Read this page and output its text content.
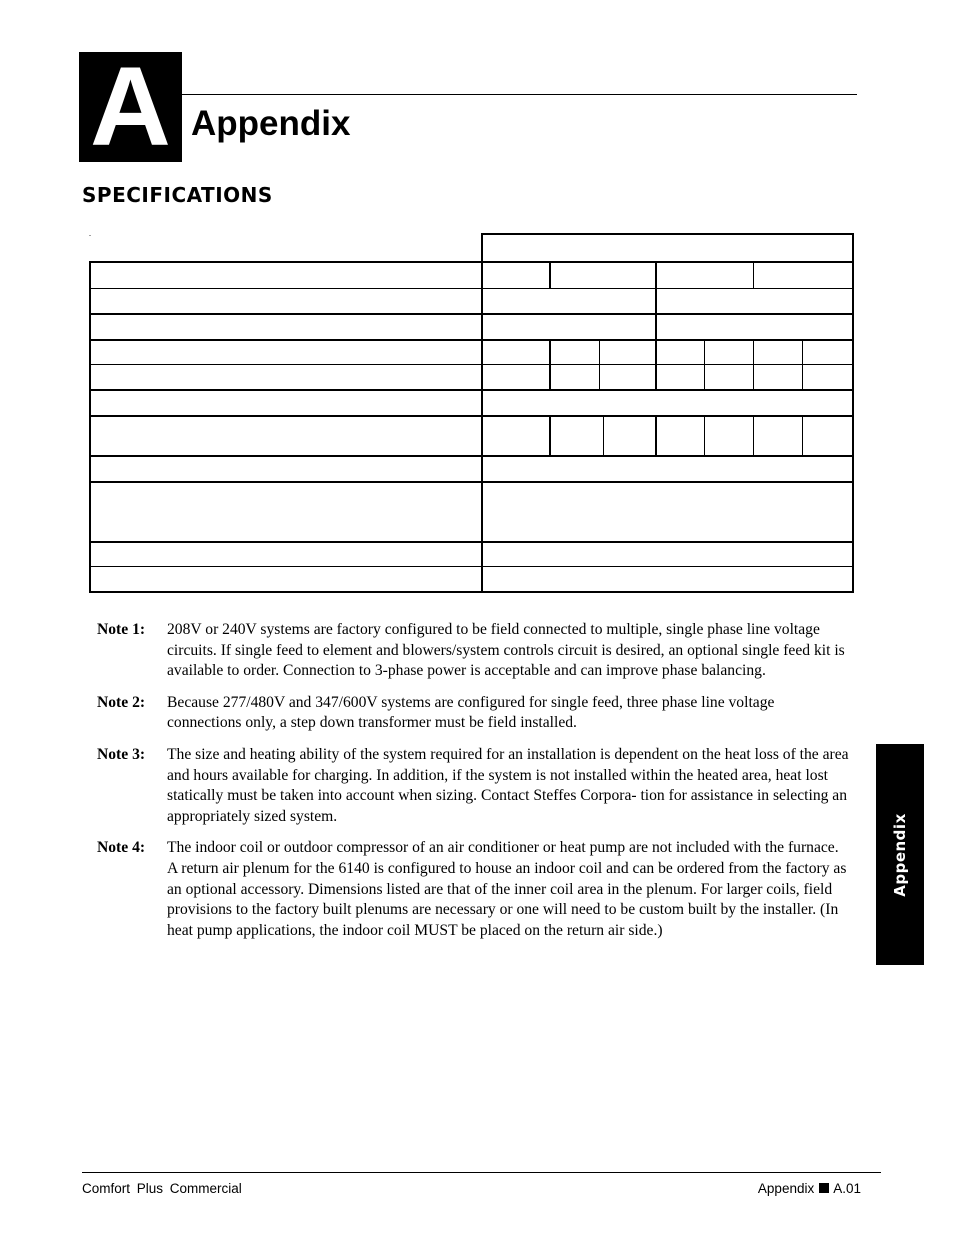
A Appendix
SPECIFICATIONS
.
Note 1:	208V or 240V systems are factory configured to be field connected to multiple, single phase line voltage circuits. If single feed to element and blowers/system controls circuit is desired, an optional single feed kit is available to order. Connection to 3-phase power is acceptable and can improve phase balancing.
Note 2:	Because 277/480V and 347/600V systems are configured for single feed, three phase line voltage connections only, a step down transformer must be field installed.
Note 3:	The size and heating ability of the system required for an installation is dependent on the heat loss of the area and hours available for charging. In addition, if the system is not installed within the heated area, heat lost statically must be taken into account when sizing. Contact Steffes Corpora- tion for assistance in selecting an appropriately sized system.
Note 4:	The indoor coil or outdoor compressor of an air conditioner or heat pump are not included with the furnace. A return air plenum for the 6140 is configured to house an indoor coil and can be ordered from the factory as an optional accessory. Dimensions listed are that of the inner coil area in the plenum. For larger coils, field provisions to the factory built plenums are necessary or one will need to be custom built by the installer. (In heat pump applications, the indoor coil MUST be placed on the return air side.)
Appendix
Comfort Plus Commercial	Appendix A.01
